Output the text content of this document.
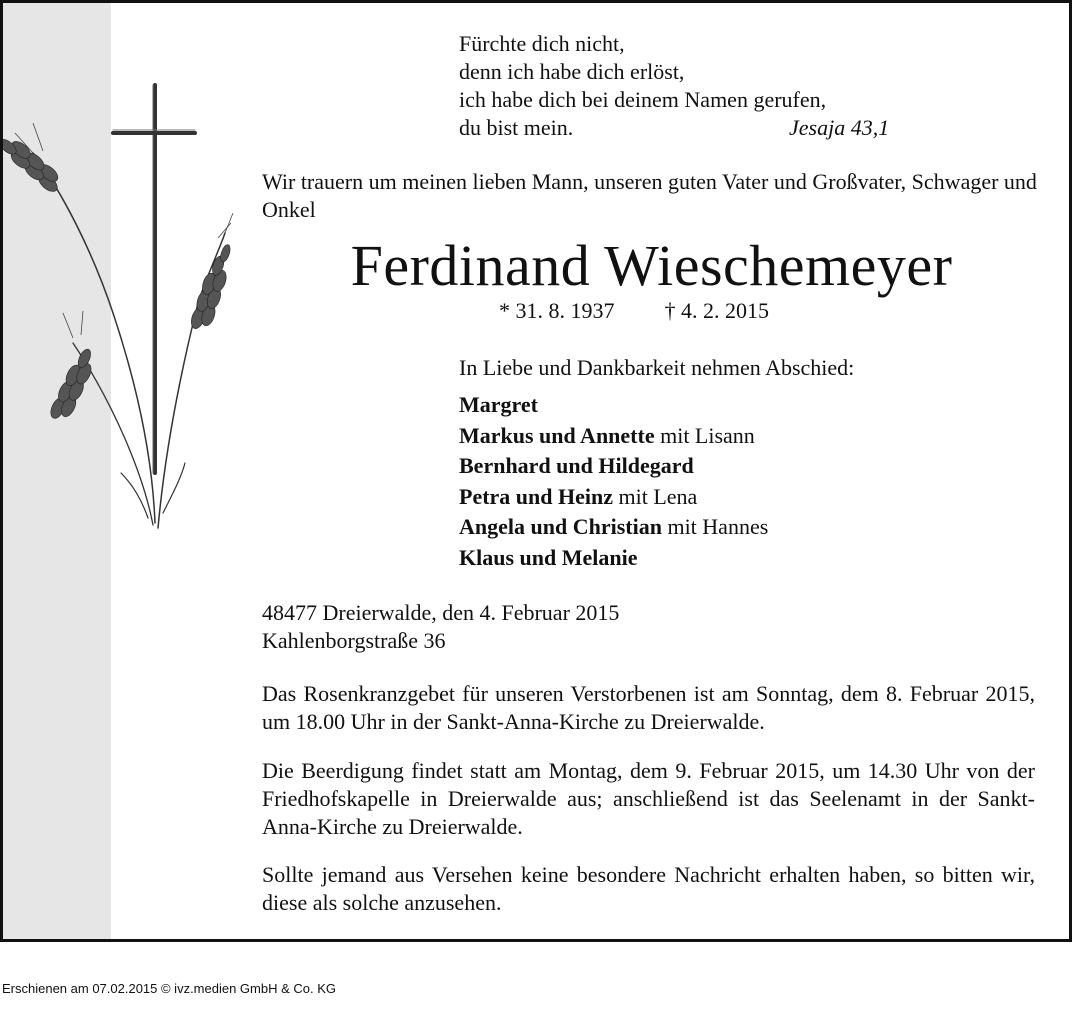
Fürchte dich nicht,
denn ich habe dich erlöst,
ich habe dich bei deinem Namen gerufen,
du bist mein.	Jesaja 43,1
Wir trauern um meinen lieben Mann, unseren guten Vater und Großvater, Schwager und Onkel
Ferdinand Wieschemeyer
* 31. 8. 1937 † 4. 2. 2015
In Liebe und Dankbarkeit nehmen Abschied:
Margret
Markus und Annette mit Lisann
Bernhard und Hildegard
Petra und Heinz mit Lena
Angela und Christian mit Hannes
Klaus und Melanie
48477 Dreierwalde, den 4. Februar 2015
Kahlenborgstraße 36
Das Rosenkranzgebet für unseren Verstorbenen ist am Sonntag, dem 8. Februar 2015, um 18.00 Uhr in der Sankt-Anna-Kirche zu Dreierwalde.
Die Beerdigung findet statt am Montag, dem 9. Februar 2015, um 14.30 Uhr von der Friedhofskapelle in Dreierwalde aus; anschließend ist das Seelenamt in der Sankt-Anna-Kirche zu Dreierwalde.
Sollte jemand aus Versehen keine besondere Nachricht erhalten haben, so bitten wir, diese als solche anzusehen.
Erschienen am 07.02.2015 © ivz.medien GmbH & Co. KG
